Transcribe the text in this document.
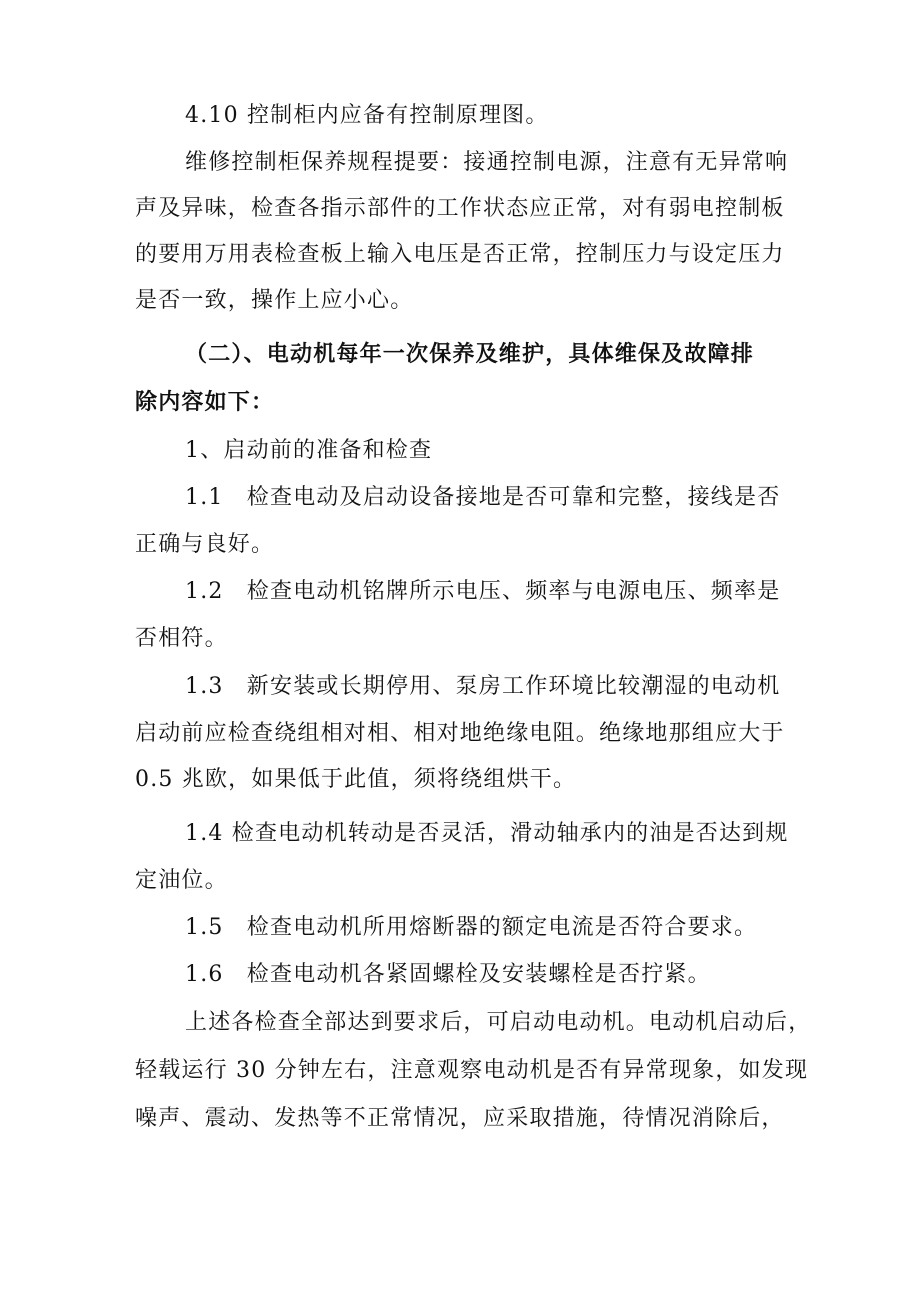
4.10 控制柜内应备有控制原理图。
维修控制柜保养规程提要：接通控制电源，注意有无异常响
声及异味，检查各指示部件的工作状态应正常，对有弱电控制板
的要用万用表检查板上输入电压是否正常，控制压力与设定压力
是否一致，操作上应小心。
（二）、电动机每年一次保养及维护，具体维保及故障排
除内容如下：
1、启动前的准备和检查
1.1　检查电动及启动设备接地是否可靠和完整，接线是否
正确与良好。
1.2　检查电动机铭牌所示电压、频率与电源电压、频率是
否相符。
1.3　新安装或长期停用、泵房工作环境比较潮湿的电动机
启动前应检查绕组相对相、相对地绝缘电阻。绝缘地那组应大于
0.5 兆欧，如果低于此值，须将绕组烘干。
1.4 检查电动机转动是否灵活，滑动轴承内的油是否达到规
定油位。
1.5　检查电动机所用熔断器的额定电流是否符合要求。
1.6　检查电动机各紧固螺栓及安装螺栓是否拧紧。
上述各检查全部达到要求后，可启动电动机。电动机启动后，
轻载运行 30 分钟左右，注意观察电动机是否有异常现象，如发现
噪声、震动、发热等不正常情况，应采取措施，待情况消除后，
